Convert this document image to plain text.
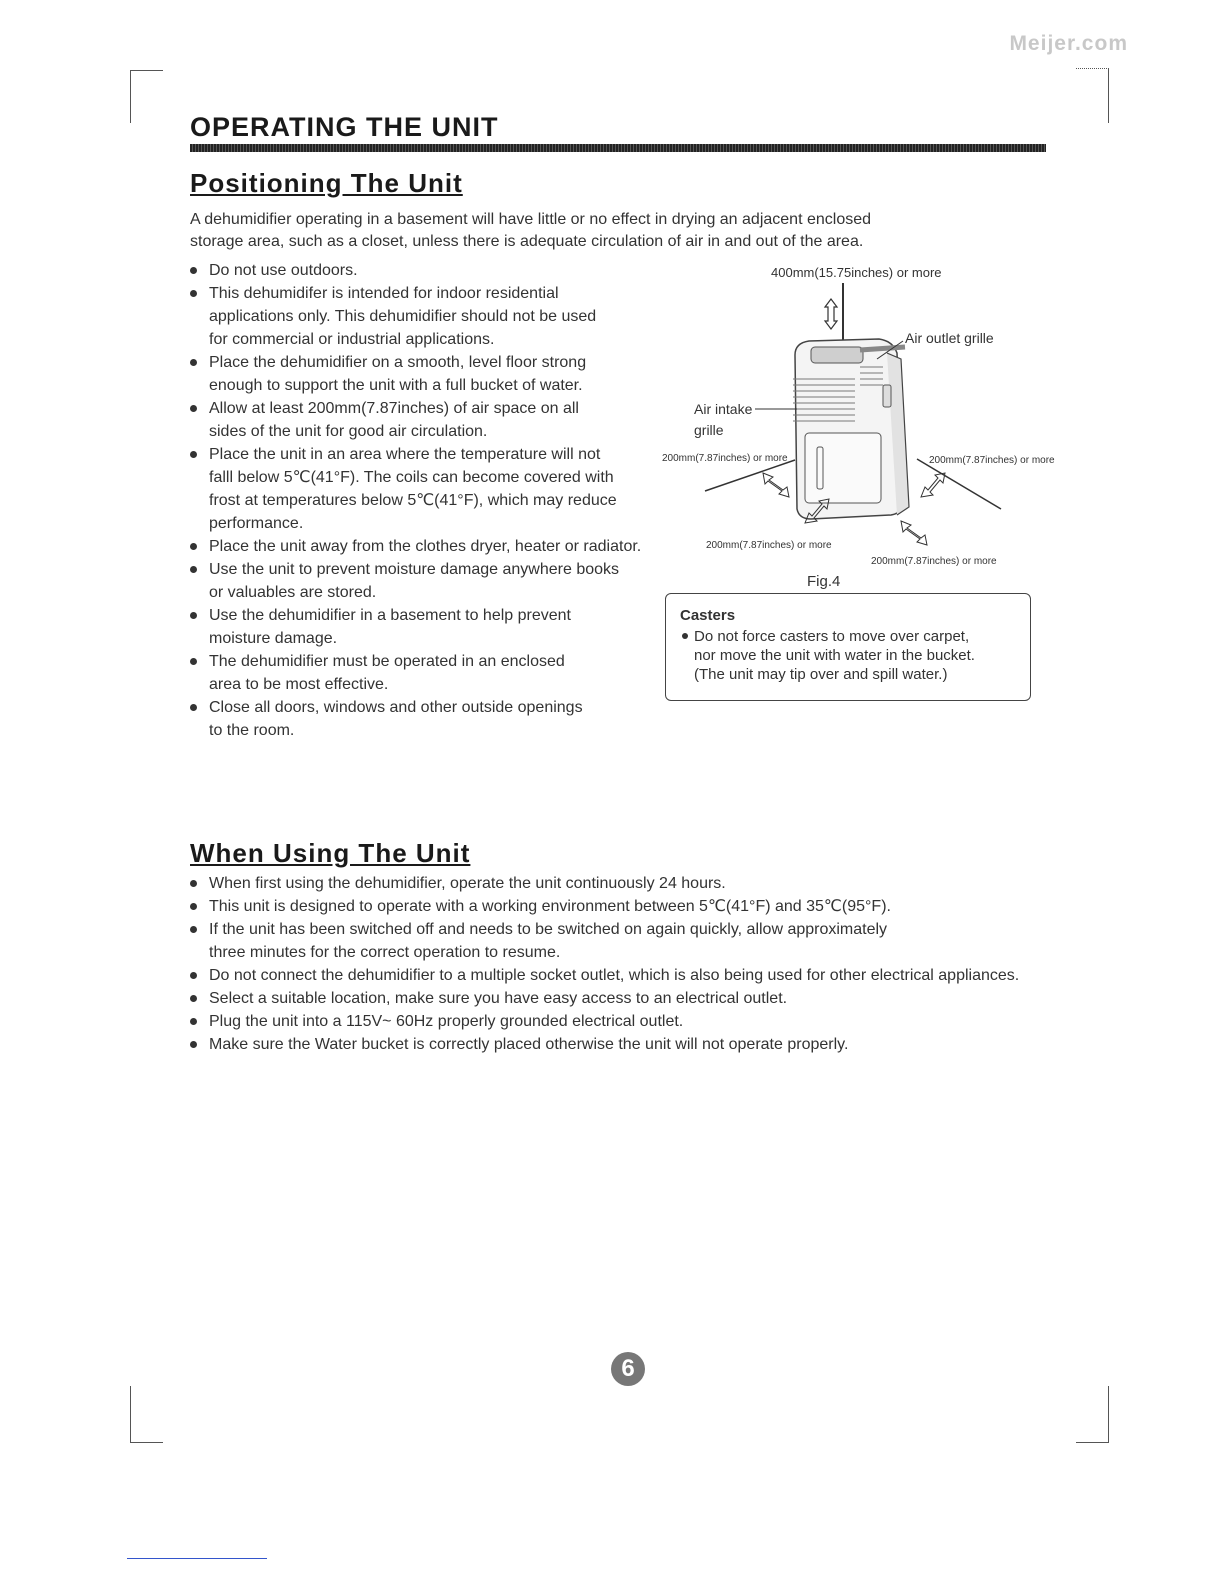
Meijer.com
OPERATING THE UNIT
Positioning The Unit
A dehumidifier operating in a basement will have little or no effect in drying an adjacent enclosed
storage area, such as a closet, unless there is adequate circulation of air in and out of the area.
Do not use outdoors.
This dehumidifer is intended for indoor residential
applications only. This dehumidifier should not be used
for commercial or industrial applications.
Place the dehumidifier on a smooth, level floor strong
enough to support the unit with a full bucket of water.
Allow at least 200mm(7.87inches) of air space on all
sides of the unit for good air circulation.
Place the unit in an area where the temperature will not
falll below 5℃(41°F). The coils can become covered with
frost at temperatures below 5℃(41°F), which may reduce
performance.
Place the unit away from the clothes dryer, heater or radiator.
Use the unit to prevent moisture damage anywhere books
or valuables are stored.
Use the dehumidifier in a basement to help prevent
moisture damage.
The dehumidifier must be operated in an enclosed
area to be most effective.
Close all doors, windows and other outside openings
to the room.
400mm(15.75inches) or more
Air outlet grille
Air intake
grille
200mm(7.87inches) or more	200mm(7.87inches) or more
200mm(7.87inches) or more
200mm(7.87inches) or more
Fig.4
Casters
Do not force casters to move over carpet,
nor move the unit with water in the bucket.
(The unit may tip over and spill water.)
When Using The Unit
When first using the dehumidifier, operate the unit continuously 24 hours.
This unit is designed to operate with a working environment between 5℃(41°F) and 35℃(95°F).
If the unit has been switched off and needs to be switched on again quickly, allow approximately
three minutes for the correct operation to resume.
Do not connect the dehumidifier to a multiple socket outlet, which is also being used for other electrical appliances.
Select a suitable location, make sure you have easy access to an electrical outlet.
Plug the unit into a 115V~ 60Hz properly grounded electrical outlet.
Make sure the Water bucket is correctly placed otherwise the unit will not operate properly.
6
